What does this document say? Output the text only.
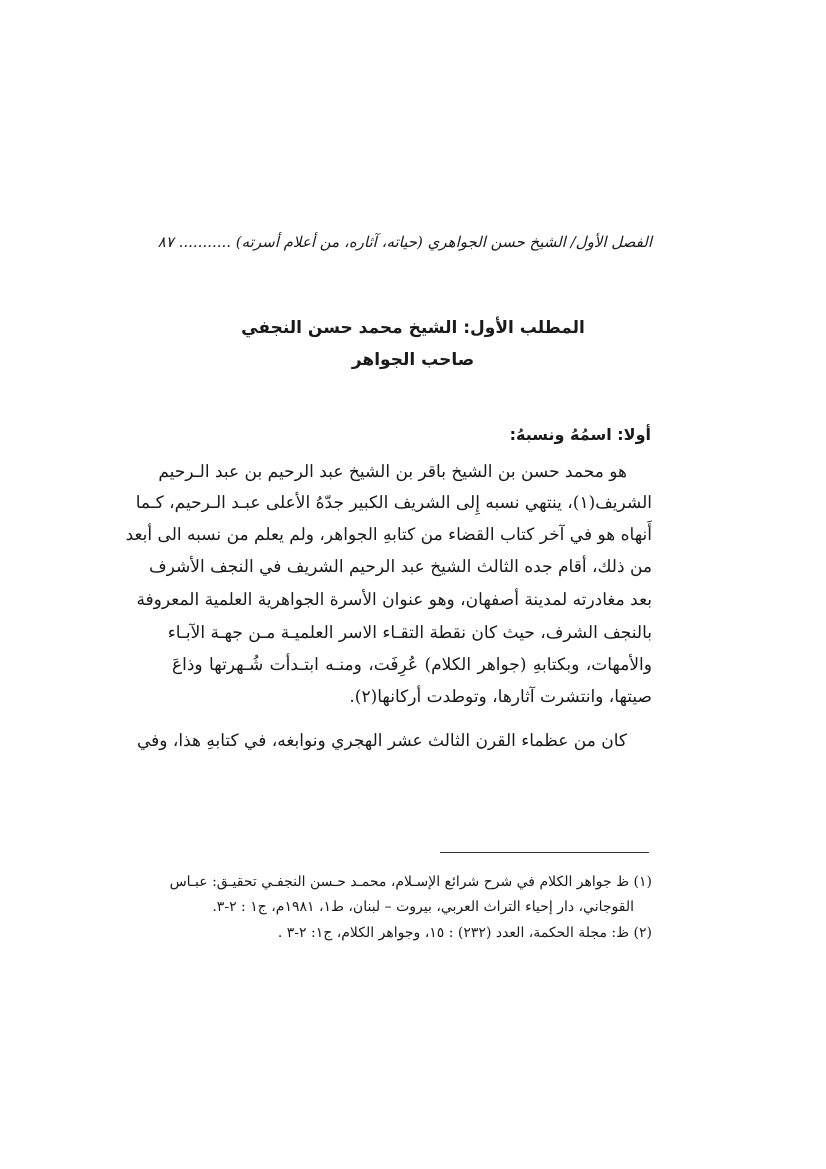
الفصل الأول/ الشيخ حسن الجواهري (حياته، آثاره، من أعلام أسرته) ........... ٨٧
المطلب الأول: الشيخ محمد حسن النجفي
صاحب الجواهر
أولا: اسمُهُ ونسبهُ:
هو محمد حسن بن الشيخ باقر بن الشيخ عبد الرحيم بن عبد الـرحيم
الشريف(١)، ينتهي نسبه إِلى الشريف الكبير جدّهُ الأعلى عبـد الـرحيم، كـما
أَنهاه هو في آخر كتاب القضاء من كتابهِ الجواهر، ولم يعلم من نسبه الى أبعد
من ذلك، أقام جده الثالث الشيخ عبد الرحيم الشريف في النجف الأشرف
بعد مغادرته لمدينة أصفهان، وهو عنوان الأسرة الجواهرية العلمية المعروفة
بالنجف الشرف، حيث كان نقطة التقـاء الاسر العلميـة مـن جهـة الآبـاء
والأمهات، وبكتابهِ (جواهر الكلام) عُرِفَت، ومنـه ابتـدأت شُـهرتها وذاعَ
صيتها، وانتشرت آثارها، وتوطدت أركانها(٢).
كان من عظماء القرن الثالث عشر الهجري ونوابغه، في كتابهِ هذا، وفي
(١) ظ جواهر الكلام في شرح شرائع الإسـلام، محمـد حـسن النجفـي تحقيـق: عبـاس
القوجاني، دار إحياء التراث العربي، بيروت – لبنان، ط١، ١٩٨١م، ج١ : ٢-٣.
(٢) ظ: مجلة الحكمة، العدد (٢٣٢) : ١٥، وجواهر الكلام، ج١: ٢-٣ .
